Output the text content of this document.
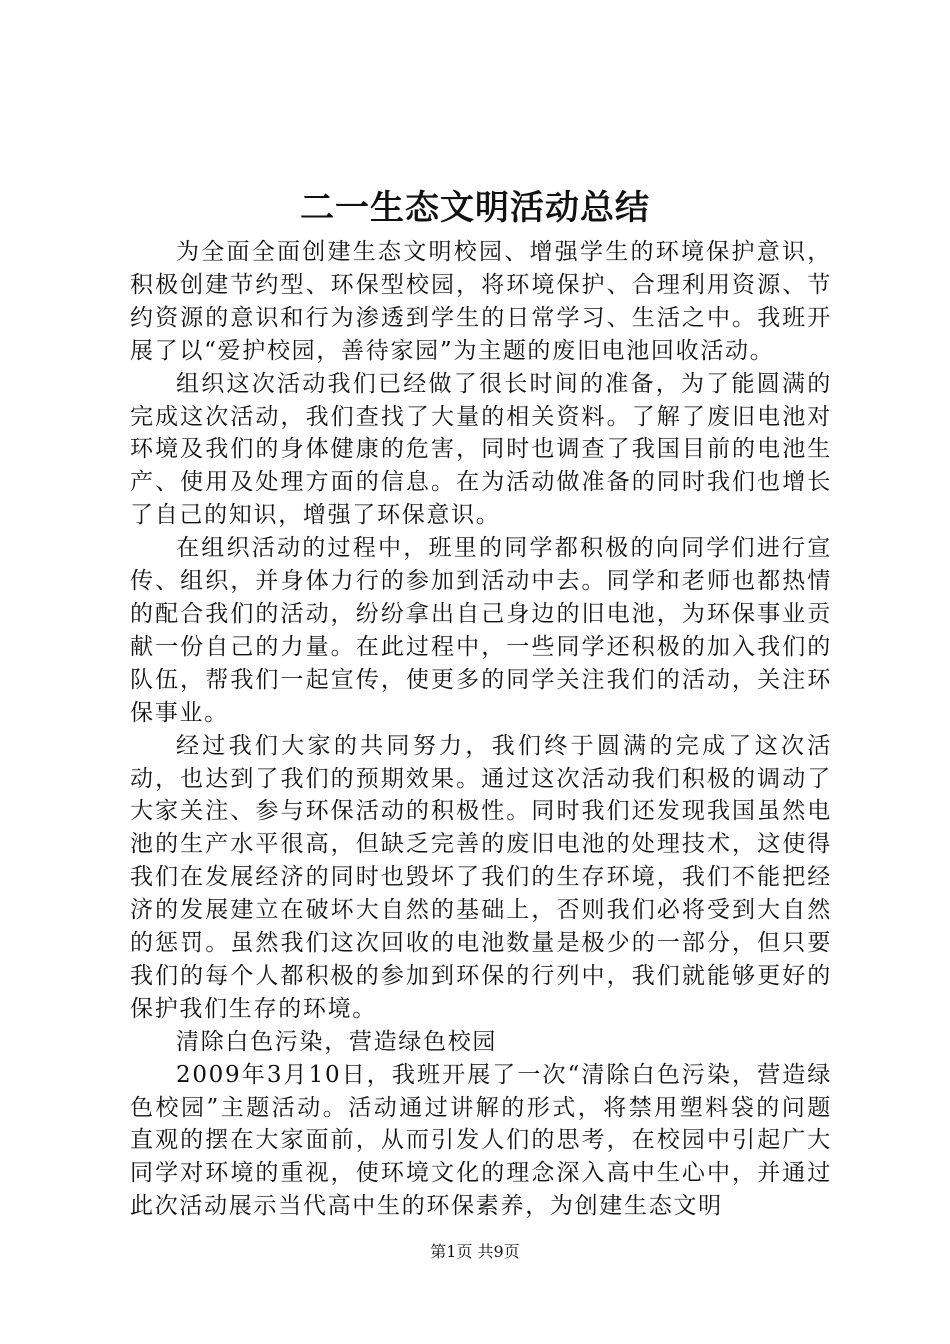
二一生态文明活动总结

为全面全面创建生态文明校园、增强学生的环境保护意识，积极创建节约型、环保型校园，将环境保护、合理利用资源、节约资源的意识和行为渗透到学生的日常学习、生活之中。我班开展了以“爱护校园，善待家园”为主题的废旧电池回收活动。

组织这次活动我们已经做了很长时间的准备，为了能圆满的完成这次活动，我们查找了大量的相关资料。了解了废旧电池对环境及我们的身体健康的危害，同时也调查了我国目前的电池生产、使用及处理方面的信息。在为活动做准备的同时我们也增长了自己的知识，增强了环保意识。

在组织活动的过程中，班里的同学都积极的向同学们进行宣传、组织，并身体力行的参加到活动中去。同学和老师也都热情的配合我们的活动，纷纷拿出自己身边的旧电池，为环保事业贡献一份自己的力量。在此过程中，一些同学还积极的加入我们的队伍，帮我们一起宣传，使更多的同学关注我们的活动，关注环保事业。

经过我们大家的共同努力，我们终于圆满的完成了这次活动，也达到了我们的预期效果。通过这次活动我们积极的调动了大家关注、参与环保活动的积极性。同时我们还发现我国虽然电池的生产水平很高，但缺乏完善的废旧电池的处理技术，这使得我们在发展经济的同时也毁坏了我们的生存环境，我们不能把经济的发展建立在破坏大自然的基础上，否则我们必将受到大自然的惩罚。虽然我们这次回收的电池数量是极少的一部分，但只要我们的每个人都积极的参加到环保的行列中，我们就能够更好的保护我们生存的环境。

清除白色污染，营造绿色校园

2009年3月10日，我班开展了一次“清除白色污染，营造绿色校园”主题活动。活动通过讲解的形式，将禁用塑料袋的问题直观的摆在大家面前，从而引发人们的思考，在校园中引起广大同学对环境的重视，使环境文化的理念深入高中生心中，并通过此次活动展示当代高中生的环保素养，为创建生态文明

第1页 共9页
